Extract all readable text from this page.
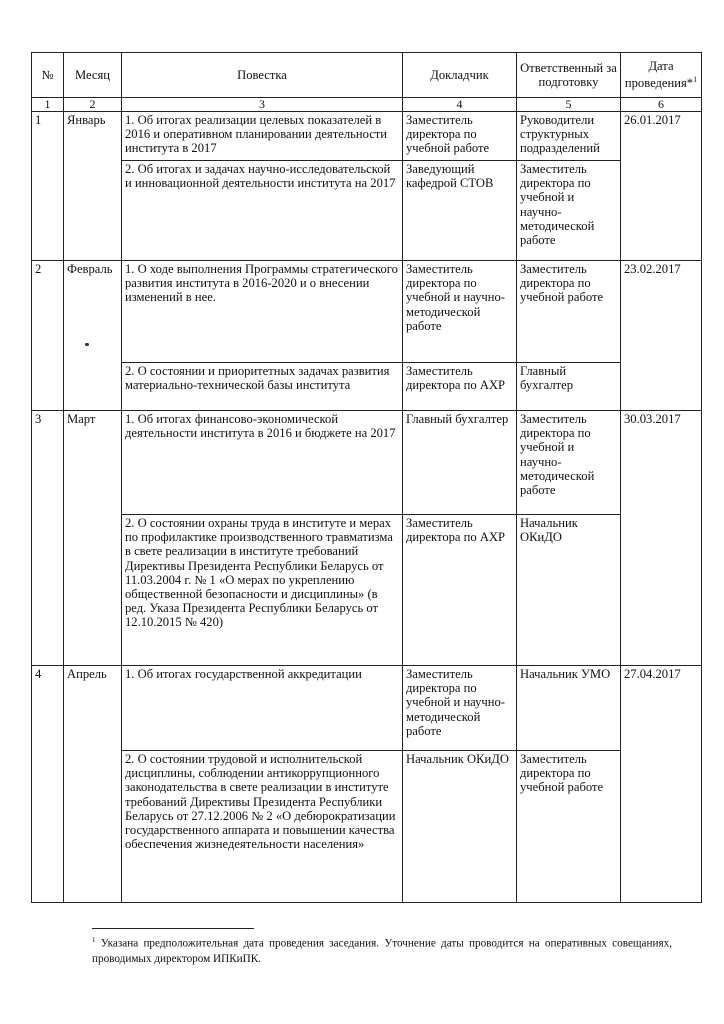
№	Месяц	Повестка	Докладчик	Ответственный за подготовку	Дата проведения*$^1$
1	2	3	4	5	6
1	Январь	1. Об итогах реализации целевых показателей в 2016 и оперативном планировании деятельности института в 2017	Заместитель директора по учебной работе	Руководители структурных подразделений	26.01.2017
		2. Об итогах и задачах научно-исследовательской и инновационной деятельности института на 2017	Заведующий кафедрой СТОВ	Заместитель директора по учебной и научно-методической работе	
2	Февраль	1. О ходе выполнения Программы стратегического развития института в 2016-2020 и о внесении изменений в нее.	Заместитель директора по учебной и научно-методической работе	Заместитель директора по учебной работе	23.02.2017
		2. О состоянии и приоритетных задачах развития материально-технической базы института	Заместитель директора по АХР	Главный бухгалтер	
3	Март	1. Об итогах финансово-экономической деятельности института в 2016 и бюджете на 2017	Главный бухгалтер	Заместитель директора по учебной и научно-методической работе	30.03.2017
		2. О состоянии охраны труда в институте и мерах по профилактике производственного травматизма в свете реализации в институте требований Директивы Президента Республики Беларусь от 11.03.2004 г. № 1 «О мерах по укреплению общественной безопасности и дисциплины» (в ред. Указа Президента Республики Беларусь от 12.10.2015 № 420)	Заместитель директора по АХР	Начальник ОКиДО	
4	Апрель	1. Об итогах государственной аккредитации	Заместитель директора по учебной и научно-методической работе	Начальник УМО	27.04.2017
		2. О состоянии трудовой и исполнительской дисциплины, соблюдении антикоррупционного законодательства в свете реализации в институте требований Директивы Президента Республики Беларусь от 27.12.2006 № 2 «О дебюрократизации государственного аппарата и повышении качества обеспечения жизнедеятельности населения»	Начальник ОКиДО	Заместитель директора по учебной работе	
$^1$ Указана предположительная дата проведения заседания. Уточнение даты проводится на оперативных совещаниях, проводимых директором ИПКиПК.
